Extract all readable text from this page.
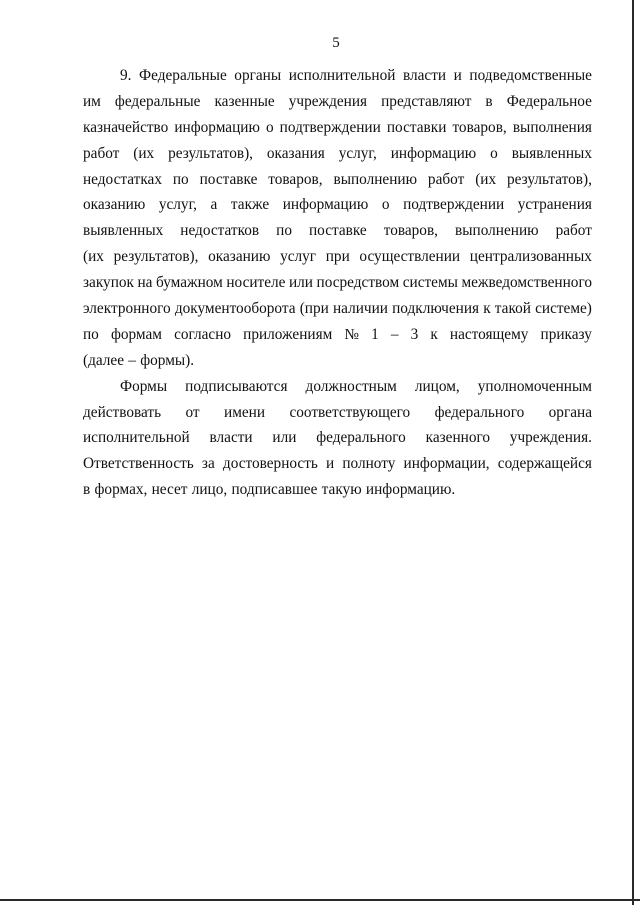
5
9. Федеральные органы исполнительной власти и подведомственные
им федеральные казенные учреждения представляют в Федеральное
казначейство информацию о подтверждении поставки товаров, выполнения
работ (их результатов), оказания услуг, информацию о выявленных
недостатках по поставке товаров, выполнению работ (их результатов),
оказанию услуг, а также информацию о подтверждении устранения
выявленных недостатков по поставке товаров, выполнению работ
(их результатов), оказанию услуг при осуществлении централизованных
закупок на бумажном носителе или посредством системы межведомственного
электронного документооборота (при наличии подключения к такой системе)
по формам согласно приложениям № 1 – 3 к настоящему приказу
(далее – формы).
Формы подписываются должностным лицом, уполномоченным
действовать от имени соответствующего федерального органа
исполнительной власти или федерального казенного учреждения.
Ответственность за достоверность и полноту информации, содержащейся
в формах, несет лицо, подписавшее такую информацию.
